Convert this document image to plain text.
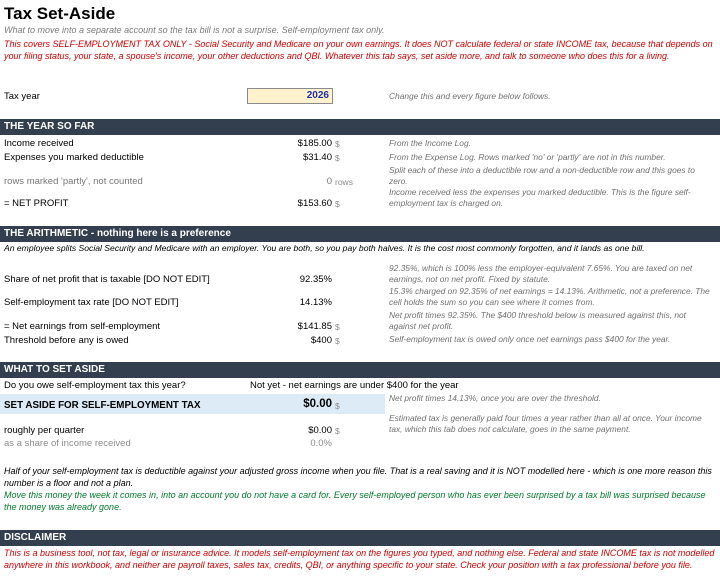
Tax Set-Aside
What to move into a separate account so the tax bill is not a surprise. Self-employment tax only.
This covers SELF-EMPLOYMENT TAX ONLY - Social Security and Medicare on your own earnings. It does NOT calculate federal or state INCOME tax, because that depends on your filing status, your state, a spouse's income, your other deductions and QBI. Whatever this tab says, set aside more, and talk to someone who does this for a living.
Tax year	2026	Change this and every figure below follows.
THE YEAR SO FAR
Income received	$185.00 $	From the Income Log.
Expenses you marked deductible	$31.40 $	From the Expense Log. Rows marked 'no' or 'partly' are not in this number.
rows marked 'partly', not counted	0 rows
Split each of these into a deductible row and a non-deductible row and this goes to zero.
= NET PROFIT	$153.60 $
Income received less the expenses you marked deductible. This is the figure self-employment tax is charged on.
THE ARITHMETIC - nothing here is a preference
An employee splits Social Security and Medicare with an employer. You are both, so you pay both halves. It is the cost most commonly forgotten, and it lands as one bill.
Share of net profit that is taxable [DO NOT EDIT]	92.35%
92.35%, which is 100% less the employer-equivalent 7.65%. You are taxed on net earnings, not on net profit. Fixed by statute.
Self-employment tax rate [DO NOT EDIT]	14.13%
15.3% charged on 92.35% of net earnings = 14.13%. Arithmetic, not a preference. The cell holds the sum so you can see where it comes from.
= Net earnings from self-employment	$141.85 $
Net profit times 92.35%. The $400 threshold below is measured against this, not against net profit.
Threshold before any is owed	$400 $	Self-employment tax is owed only once net earnings pass $400 for the year.
WHAT TO SET ASIDE
Do you owe self-employment tax this year?	Not yet - net earnings are under $400 for the year
SET ASIDE FOR SELF-EMPLOYMENT TAX	$0.00 $
Net profit times 14.13%, once you are over the threshold.
roughly per quarter	$0.00 $
Estimated tax is generally paid four times a year rather than all at once. Your income tax, which this tab does not calculate, goes in the same payment.
as a share of income received	0.0%
Half of your self-employment tax is deductible against your adjusted gross income when you file. That is a real saving and it is NOT modelled here - which is one more reason this number is a floor and not a plan.
Move this money the week it comes in, into an account you do not have a card for. Every self-employed person who has ever been surprised by a tax bill was surprised because the money was already gone.
DISCLAIMER
This is a business tool, not tax, legal or insurance advice. It models self-employment tax on the figures you typed, and nothing else. Federal and state INCOME tax is not modelled anywhere in this workbook, and neither are payroll taxes, sales tax, credits, QBI, or anything specific to your state. Check your position with a tax professional before you file.
